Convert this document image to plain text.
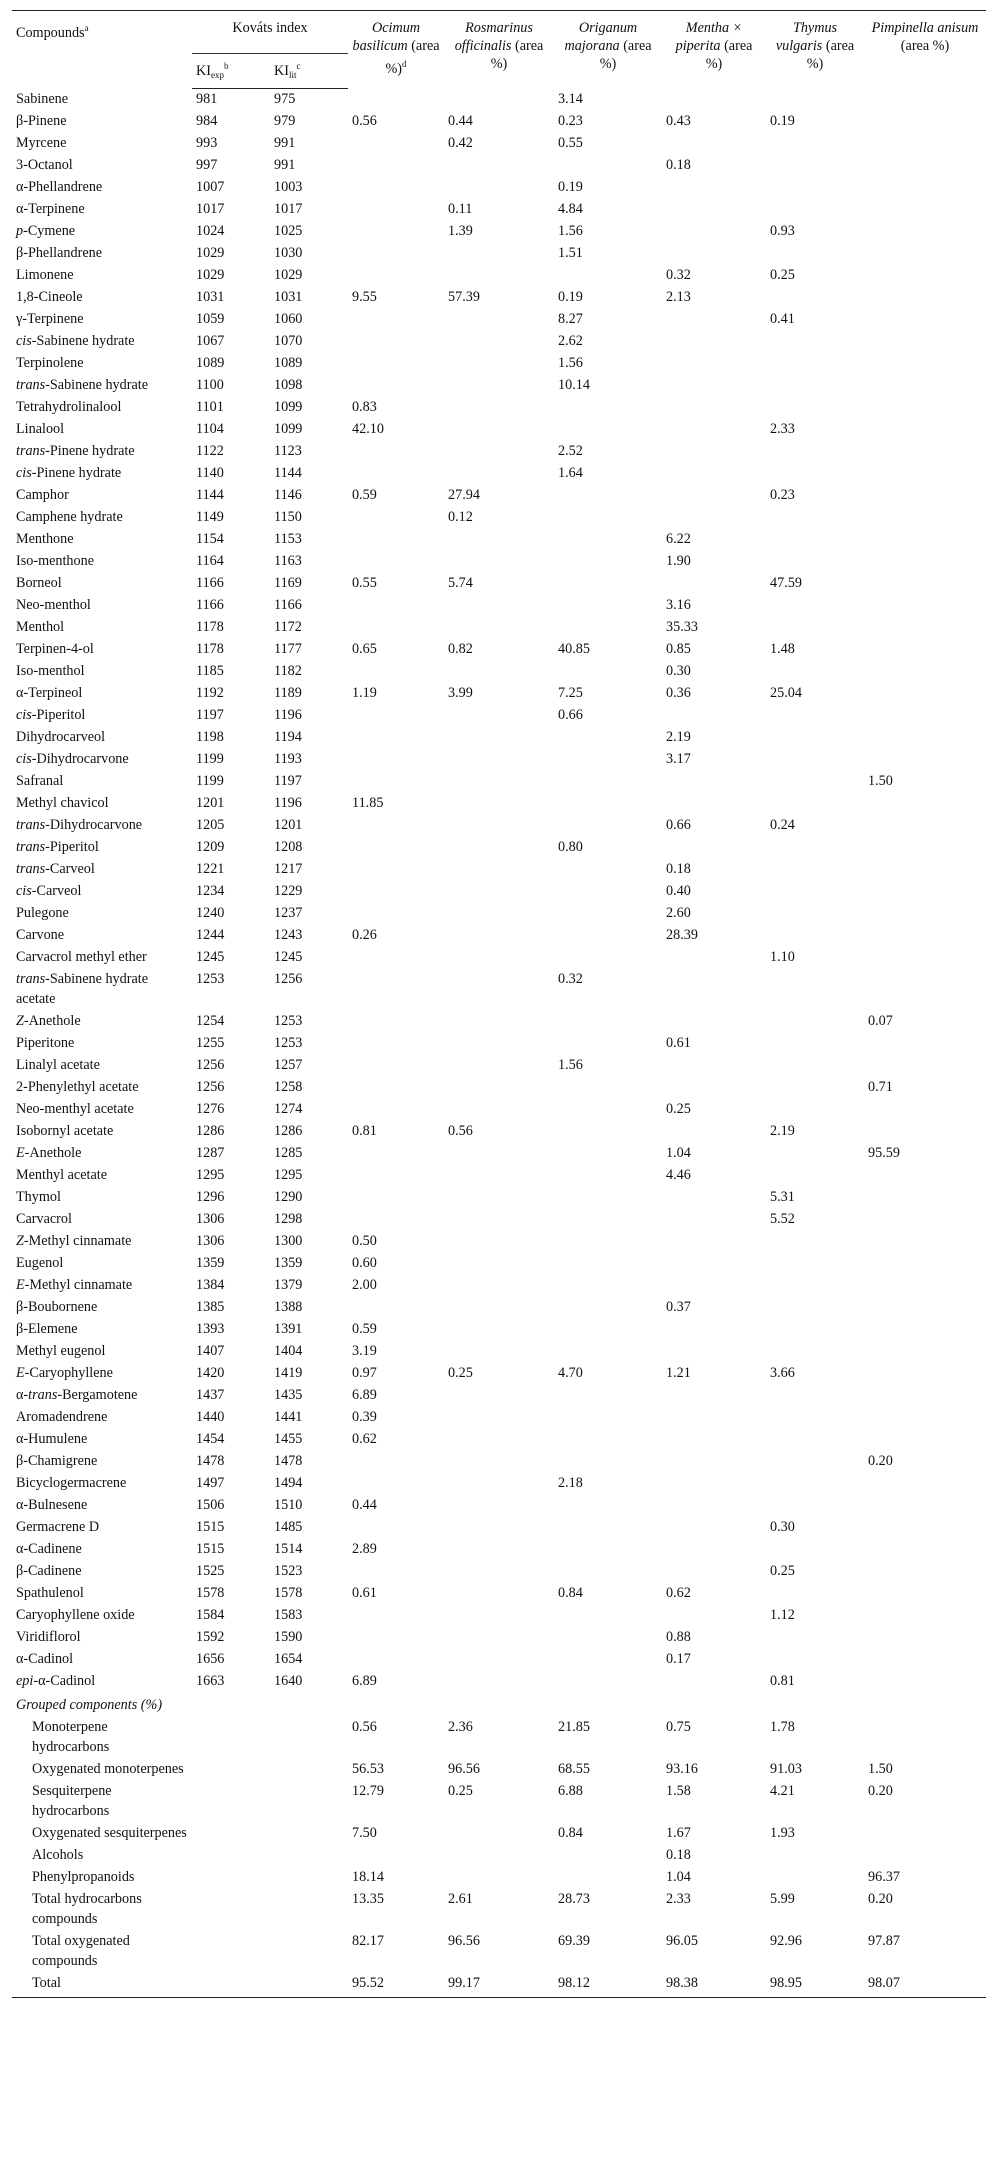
Compounds$^a$	Kováts index		Ocimum basilicum (area %)$^d$	Rosmarinus officinalis (area %)	Origanum majorana (area %)	Mentha × piperita (area %)	Thymus vulgaris (area %)	Pimpinella anisum (area %)
	$KI_{exp}^b$	$KI_{lit}^c$
Sabinene	981	975			3.14			
β-Pinene	984	979	0.56	0.44	0.23	0.43	0.19	
Myrcene	993	991		0.42	0.55			
3-Octanol	997	991				0.18		
α-Phellandrene	1007	1003			0.19			
α-Terpinene	1017	1017		0.11	4.84			
p-Cymene	1024	1025		1.39	1.56		0.93	
β-Phellandrene	1029	1030			1.51			
Limonene	1029	1029				0.32	0.25	
1,8-Cineole	1031	1031	9.55	57.39	0.19	2.13		
γ-Terpinene	1059	1060			8.27		0.41	
cis-Sabinene hydrate	1067	1070			2.62			
Terpinolene	1089	1089			1.56			
trans-Sabinene hydrate	1100	1098			10.14			
Tetrahydrolinalool	1101	1099	0.83					
Linalool	1104	1099	42.10				2.33	
trans-Pinene hydrate	1122	1123			2.52			
cis-Pinene hydrate	1140	1144			1.64			
Camphor	1144	1146	0.59	27.94			0.23	
Camphene hydrate	1149	1150		0.12				
Menthone	1154	1153				6.22		
Iso-menthone	1164	1163				1.90		
Borneol	1166	1169	0.55	5.74			47.59	
Neo-menthol	1166	1166				3.16		
Menthol	1178	1172				35.33		
Terpinen-4-ol	1178	1177	0.65	0.82	40.85	0.85	1.48	
Iso-menthol	1185	1182				0.30		
α-Terpineol	1192	1189	1.19	3.99	7.25	0.36	25.04	
cis-Piperitol	1197	1196			0.66			
Dihydrocarveol	1198	1194				2.19		
cis-Dihydrocarvone	1199	1193				3.17		
Safranal	1199	1197						1.50
Methyl chavicol	1201	1196	11.85					
trans-Dihydrocarvone	1205	1201				0.66	0.24	
trans-Piperitol	1209	1208			0.80			
trans-Carveol	1221	1217				0.18		
cis-Carveol	1234	1229				0.40		
Pulegone	1240	1237				2.60		
Carvone	1244	1243	0.26			28.39		
Carvacrol methyl ether	1245	1245					1.10	
trans-Sabinene hydrate acetate	1253	1256			0.32			
Z-Anethole	1254	1253						0.07
Piperitone	1255	1253				0.61		
Linalyl acetate	1256	1257			1.56			
2-Phenylethyl acetate	1256	1258						0.71
Neo-menthyl acetate	1276	1274				0.25		
Isobornyl acetate	1286	1286	0.81	0.56			2.19	
E-Anethole	1287	1285				1.04		95.59
Menthyl acetate	1295	1295				4.46		
Thymol	1296	1290					5.31	
Carvacrol	1306	1298					5.52	
Z-Methyl cinnamate	1306	1300	0.50					
Eugenol	1359	1359	0.60					
E-Methyl cinnamate	1384	1379	2.00					
β-Boubornene	1385	1388				0.37		
β-Elemene	1393	1391	0.59					
Methyl eugenol	1407	1404	3.19					
E-Caryophyllene	1420	1419	0.97	0.25	4.70	1.21	3.66	
α-trans-Bergamotene	1437	1435	6.89					
Aromadendrene	1440	1441	0.39					
α-Humulene	1454	1455	0.62					
β-Chamigrene	1478	1478						0.20
Bicyclogermacrene	1497	1494			2.18			
α-Bulnesene	1506	1510	0.44					
Germacrene D	1515	1485					0.30	
α-Cadinene	1515	1514	2.89					
β-Cadinene	1525	1523					0.25	
Spathulenol	1578	1578	0.61		0.84	0.62		
Caryophyllene oxide	1584	1583					1.12	
Viridiflorol	1592	1590				0.88		
α-Cadinol	1656	1654				0.17		
epi-α-Cadinol	1663	1640	6.89				0.81	
Grouped components (%)								
Monoterpene hydrocarbons			0.56	2.36	21.85	0.75	1.78	
Oxygenated monoterpenes			56.53	96.56	68.55	93.16	91.03	1.50
Sesquiterpene hydrocarbons			12.79	0.25	6.88	1.58	4.21	0.20
Oxygenated sesquiterpenes			7.50		0.84	1.67	1.93	
Alcohols						0.18		
Phenylpropanoids			18.14			1.04		96.37
Total hydrocarbons compounds			13.35	2.61	28.73	2.33	5.99	0.20
Total oxygenated compounds			82.17	96.56	69.39	96.05	92.96	97.87
Total			95.52	99.17	98.12	98.38	98.95	98.07
